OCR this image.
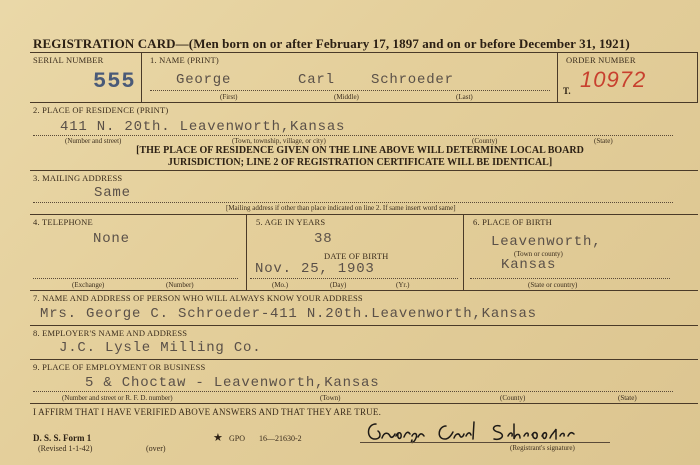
REGISTRATION CARD—(Men born on or after February 17, 1897 and on or before December 31, 1921)
SERIAL NUMBER
555
1. NAME (PRINT)
George	Carl	Schroeder
(First)	(Middle)	(Last)
ORDER NUMBER
T. 10972
2. PLACE OF RESIDENCE (PRINT)
411 N. 20th. Leavenworth,Kansas
(Number and street)	(Town, township, village, or city)	(County)	(State)
[THE PLACE OF RESIDENCE GIVEN ON THE LINE ABOVE WILL DETERMINE LOCAL BOARD
JURISDICTION; LINE 2 OF REGISTRATION CERTIFICATE WILL BE IDENTICAL]
3. MAILING ADDRESS
Same
[Mailing address if other than place indicated on line 2. If same insert word same]
4. TELEPHONE
None
(Exchange)	(Number)
5. AGE IN YEARS
38
DATE OF BIRTH
Nov. 25, 1903
(Mo.)	(Day)	(Yr.)
6. PLACE OF BIRTH
Leavenworth,
(Town or county)
Kansas
(State or country)
7. NAME AND ADDRESS OF PERSON WHO WILL ALWAYS KNOW YOUR ADDRESS
Mrs. George C. Schroeder-411 N.20th.Leavenworth,Kansas
8. EMPLOYER'S NAME AND ADDRESS
J.C. Lysle Milling Co.
9. PLACE OF EMPLOYMENT OR BUSINESS
5 & Choctaw - Leavenworth,Kansas
(Number and street or R. F. D. number)	(Town)	(County)	(State)
I AFFIRM THAT I HAVE VERIFIED ABOVE ANSWERS AND THAT THEY ARE TRUE.
(Registrant's signature)
D. S. S. Form 1
(Revised 1-1-42)	(over)
★ GPO 16—21630-2
